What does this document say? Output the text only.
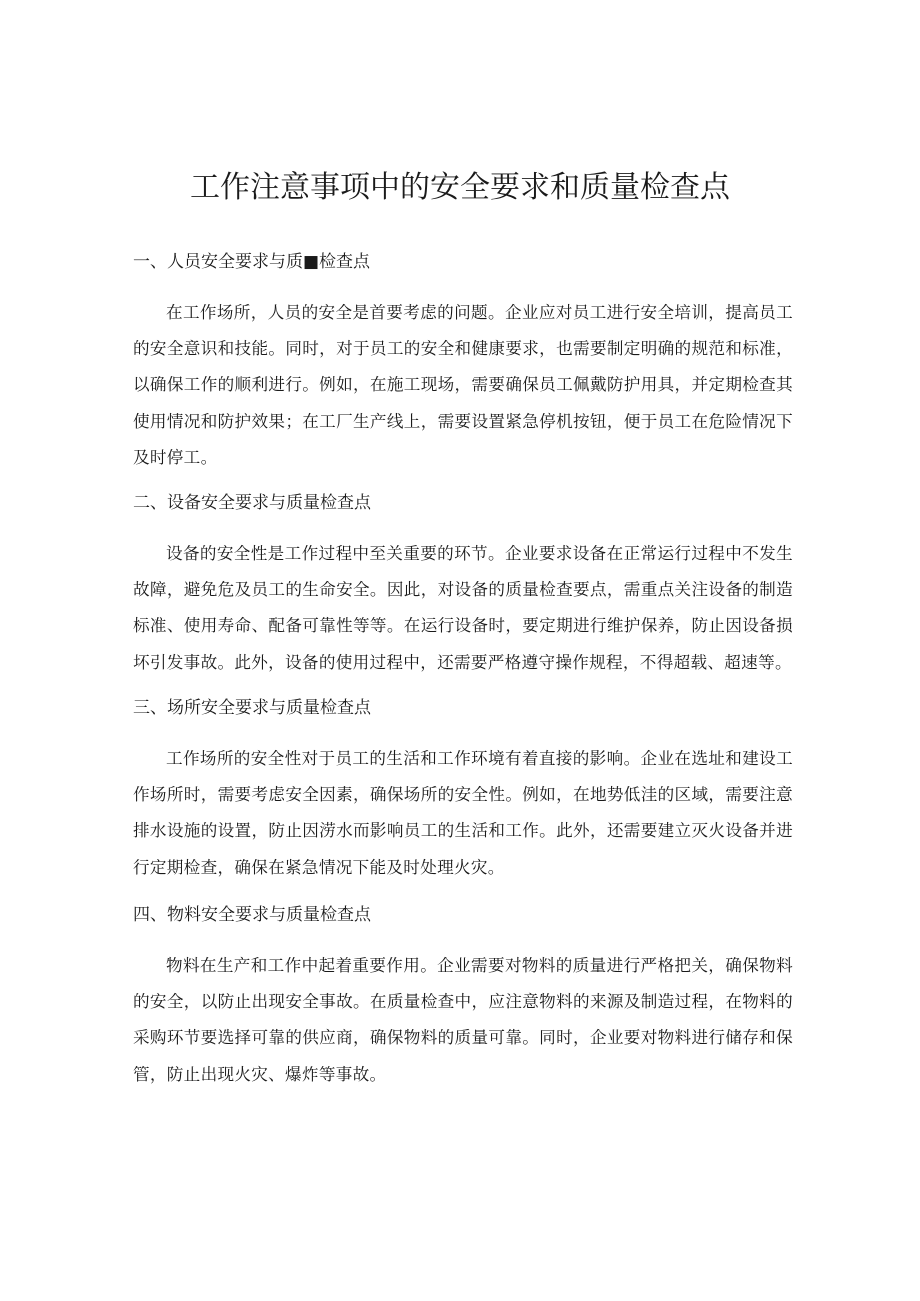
工作注意事项中的安全要求和质量检查点
一、人员安全要求与质■检查点

在工作场所，人员的安全是首要考虑的问题。企业应对员工进行安全培训，提高员工的安全意识和技能。同时，对于员工的安全和健康要求，也需要制定明确的规范和标准，以确保工作的顺利进行。例如，在施工现场，需要确保员工佩戴防护用具，并定期检查其使用情况和防护效果；在工厂生产线上，需要设置紧急停机按钮，便于员工在危险情况下及时停工。

二、设备安全要求与质量检查点

设备的安全性是工作过程中至关重要的环节。企业要求设备在正常运行过程中不发生故障，避免危及员工的生命安全。因此，对设备的质量检查要点，需重点关注设备的制造标准、使用寿命、配备可靠性等等。在运行设备时，要定期进行维护保养，防止因设备损坏引发事故。此外，设备的使用过程中，还需要严格遵守操作规程，不得超载、超速等。

三、场所安全要求与质量检查点

工作场所的安全性对于员工的生活和工作环境有着直接的影响。企业在选址和建设工作场所时，需要考虑安全因素，确保场所的安全性。例如，在地势低洼的区域，需要注意排水设施的设置，防止因涝水而影响员工的生活和工作。此外，还需要建立灭火设备并进行定期检查，确保在紧急情况下能及时处理火灾。

四、物料安全要求与质量检查点

物料在生产和工作中起着重要作用。企业需要对物料的质量进行严格把关，确保物料的安全，以防止出现安全事故。在质量检查中，应注意物料的来源及制造过程，在物料的采购环节要选择可靠的供应商，确保物料的质量可靠。同时，企业要对物料进行储存和保管，防止出现火灾、爆炸等事故。
